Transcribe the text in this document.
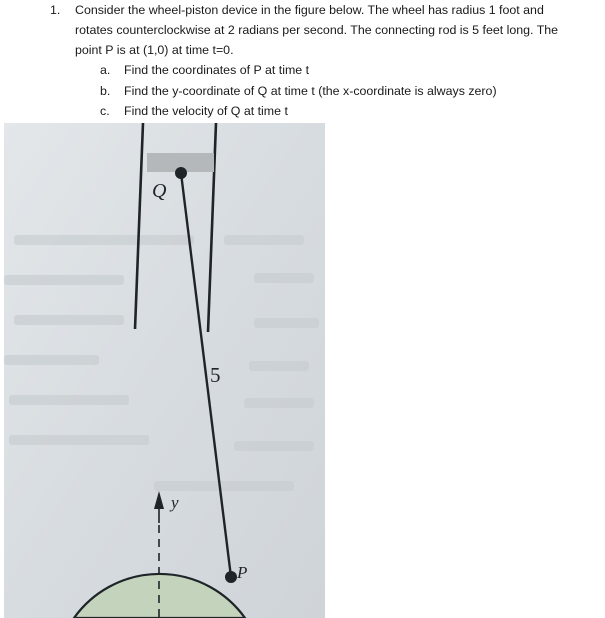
1. Consider the wheel-piston device in the figure below. The wheel has radius 1 foot and
rotates counterclockwise at 2 radians per second. The connecting rod is 5 feet long. The
point P is at (1,0) at time t=0.
a. Find the coordinates of P at time t
b. Find the y-coordinate of Q at time t (the x-coordinate is always zero)
c. Find the velocity of Q at time t
Q
P
5
y
